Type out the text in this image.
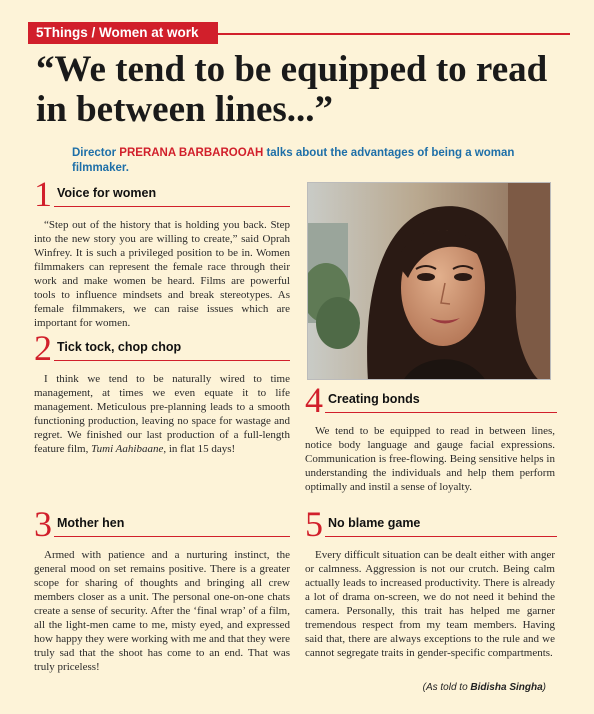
5Things / Women at work
“We tend to be equipped to read in between lines...”

Director PRERANA BARBAROOAH talks about the advantages of being a woman filmmaker.

1 Voice for women

“Step out of the history that is holding you back. Step into the new story you are willing to create,” said Oprah Winfrey. It is such a privileged position to be in. Women filmmakers can represent the female race through their work and make women be heard. Films are powerful tools to influence mindsets and break stereotypes. As female filmmakers, we can raise issues which are important for women.

2 Tick tock, chop chop

I think we tend to be naturally wired to time management, at times we even equate it to life management. Meticulous pre-planning leads to a smooth functioning production, leaving no space for wastage and regret. We finished our last production of a full-length feature film, Tumi Aahibaane, in flat 15 days!

3 Mother hen

Armed with patience and a nurturing instinct, the general mood on set remains positive. There is a greater scope for sharing of thoughts and bringing all crew members closer as a unit. The personal one-on-one chats create a sense of security. After the ‘final wrap’ of a film, all the light-men came to me, misty eyed, and expressed how happy they were working with me and that they were truly sad that the shoot has come to an end. That was truly priceless!

4 Creating bonds

We tend to be equipped to read in between lines, notice body language and gauge facial expressions. Communication is free-flowing. Being sensitive helps in understanding the individuals and help them perform optimally and instil a sense of loyalty.

5 No blame game

Every difficult situation can be dealt either with anger or calmness. Aggression is not our crutch. Being calm actually leads to increased productivity. There is already a lot of drama on-screen, we do not need it behind the camera. Personally, this trait has helped me garner tremendous respect from my team members. Having said that, there are always exceptions to the rule and we cannot segregate traits in gender-specific compartments.

(As told to Bidisha Singha)
